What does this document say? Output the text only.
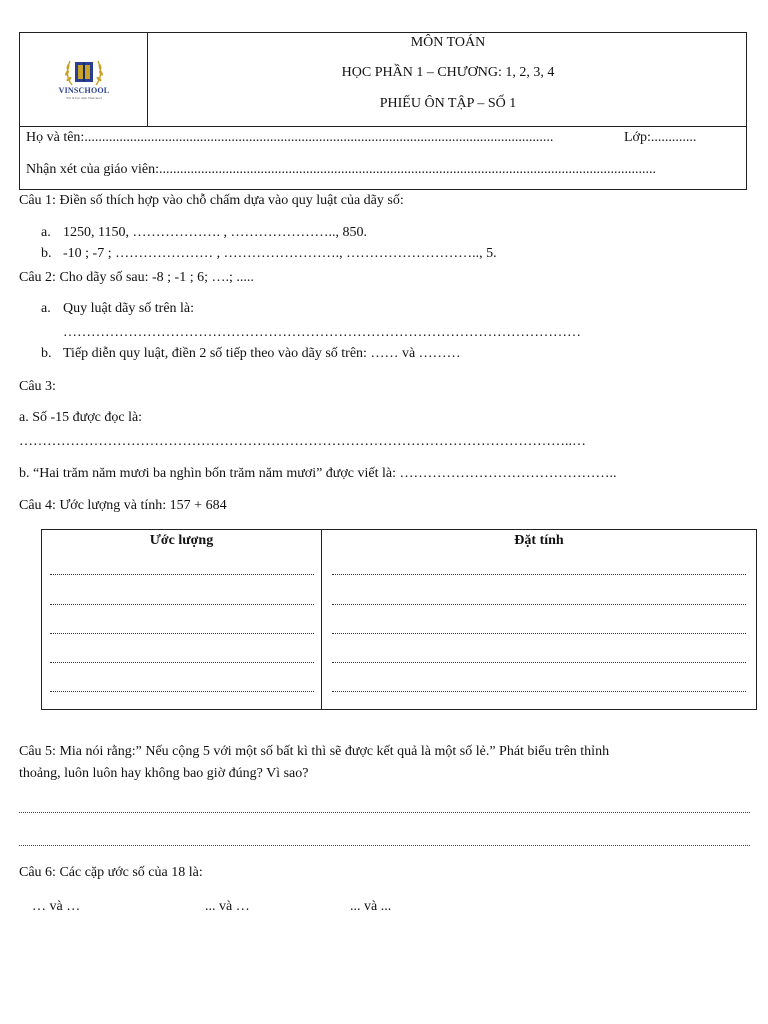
VINSCHOOL
Tôi là học sinh Vinschool
MÔN TOÁN
HỌC PHẦN 1 – CHƯƠNG: 1, 2, 3, 4
PHIẾU ÔN TẬP – SỐ 1
Họ và tên:......................................................................................................................................	Lớp:.............
Nhận xét của giáo viên:..............................................................................................................................................
Câu 1: Điền số thích hợp vào chỗ chấm dựa vào quy luật của dãy số:
a. 1250, 1150, ………………. , ………………….., 850.
b. -10 ; -7 ; ………………… , ……………………., ……………………….., 5.
Câu 2: Cho dãy số sau: -8 ; -1 ; 6; ….; .....
a. Quy luật dãy số trên là:
…………………………………………………………………………………………………
b. Tiếp diễn quy luật, điền 2 số tiếp theo vào dãy số trên: …… và ………
Câu 3:
a. Số -15 được đọc là:
………………………………………………………………………………………………………..…
b. “Hai trăm năm mươi ba nghìn bốn trăm năm mươi” được viết là: ………………………………………..
Câu 4: Ước lượng và tính: 157 + 684
Ước lượng	Đặt tính
Câu 5: Mia nói rằng:” Nếu cộng 5 với một số bất kì thì sẽ được kết quả là một số lẻ.” Phát biểu trên thỉnh
thoảng, luôn luôn hay không bao giờ đúng? Vì sao?
Câu 6: Các cặp ước số của 18 là:
… và …	... và …	... và ...
